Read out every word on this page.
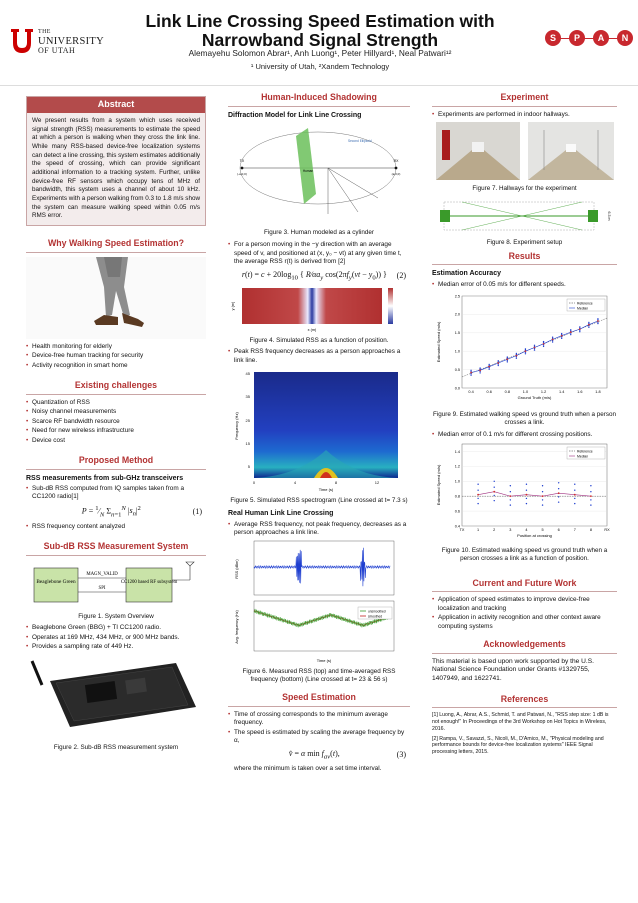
THE
UNIVERSITY
OF UTAH
Link Line Crossing Speed Estimation with Narrowband Signal Strength
Alemayehu Solomon Abrar¹, Anh Luong¹, Peter Hillyard¹, Neal Patwari¹²
¹ University of Utah, ²Xandem Technology
S	P	A	N
Abstract
We present results from a system which uses received signal strength (RSS) measurements to estimate the speed at which a person is walking when they cross the link line. While many RSS-based device-free localization systems can detect a line crossing, this system estimates additionally the speed of crossing, which can provide significant additional information to a tracking system. Further, unlike device-free RF sensors which occupy tens of MHz of bandwidth, this system uses a channel of about 10 kHz. Experiments with a person walking from 0.3 to 1.8 m/s show the system can measure walking speed within 0.05 m/s RMS error.
Why Walking Speed Estimation?
• Health monitoring for elderly
• Device-free human tracking for security
• Activity recognition in smart home
Existing challenges
• Quantization of RSS
• Noisy channel measurements
• Scarce RF bandwidth resource
• Need for new wireless infrastructure
• Device cost
Proposed Method
RSS measurements from sub-GHz transceivers
• Sub-dB RSS computed from IQ samples taken from a CC1200 radio[1]
$P = ^1⁄_N$ $\Sigma_{n=1}^N$ $|s_n|^2$	(1)
• RSS frequency content analyzed
Sub-dB RSS Measurement System
Beaglebone Green	CC1200 based RF subsystem
MAGN_VALID
SPI
Figure 1. System Overview
• Beaglebone Green (BBG) + TI CC1200 radio.
• Operates at 169 MHz, 434 MHz, or 900 MHz bands.
• Provides a sampling rate of 449 Hz.
Figure 2. Sub-dB RSS measurement system
Human-Induced Shadowing
Diffraction Model for Link Line Crossing
TX	RX
Human
Second Ellipsoid
(-a,0,0)	(a,0,0)
Figure 3. Human modeled as a cylinder
• For a person moving in the −y direction with an average speed of v, and positioned at (x, y₀ − vt) at any given time t, the average RSS r(t) is derived from [2]
$r(t) = c + 20\log_{10}$ { $R⁄\alpha a_y$ $\cos(2\pi f_y(vt - y_0))$ }	(2)
x (m)
y (m)
Figure 4. Simulated RSS as a function of position.
• Peak RSS frequency decreases as a person approaches a link line.
45
35
25
15
5
0	4	8	12
Time (s)
Frequency (Hz)
Figure 5. Simulated RSS spectrogram (Line crossed at t= 7.3 s)
Real Human Link Line Crossing
• Average RSS frequency, not peak frequency, decreases as a person approaches a link line.
unsmoothed
smoothed
Time (s)
RSS (dBm)
Avg. frequency (Hz)
Figure 6. Measured RSS (top) and time-averaged RSS frequency (bottom) (Line crossed at t= 23 & 56 s)
Speed Estimation
• Time of crossing corresponds to the minimum average frequency.
• The speed is estimated by scaling the average frequency by α,
v̂ = α $\min f_{av}(t)$,	(3)
where the minimum is taken over a set time interval.
Experiment
• Experiments are performed in indoor hallways.
Figure 7. Hallways for the experiment
6.3 m
Figure 8. Experiment setup
Results
Estimation Accuracy
• Median error of 0.05 m/s for different speeds.
0.0
0.5
1.0
1.5
2.0
2.5
0.4	0.6	0.8	1.0	1.2	1.4	1.6	1.8
Reference
Median
Ground Truth (m/s)
Estimated Speed (m/s)
Figure 9. Estimated walking speed vs ground truth when a person crosses a link.
• Median error of 0.1 m/s for different crossing positions.
0.4
0.6
0.8
1.0
1.2
1.4
TX	1	2	3	4	5	6	7	8	RX
Reference
Median
Position at crossing
Estimated Speed (m/s)
Figure 10. Estimated walking speed vs ground truth when a person crosses a link as a function of position.
Current and Future Work
• Application of speed estimates to improve device-free localization and tracking
• Application in activity recognition and other context aware computing systems
Acknowledgements
This material is based upon work supported by the U.S. National Science Foundation under Grants #1329755, 1407949, and 1622741.
References
[1] Luong, A., Abrar, A.S., Schmid, T. and Patwari, N., "RSS step size: 1 dB is not enough!" In Proceedings of the 3rd Workshop on Hot Topics in Wireless, 2016.
[2] Rampa, V., Savazzi, S., Nicoli, M., D'Amico, M., "Physical modeling and performance bounds for device-free localization systems" IEEE Signal processing letters, 2015.
